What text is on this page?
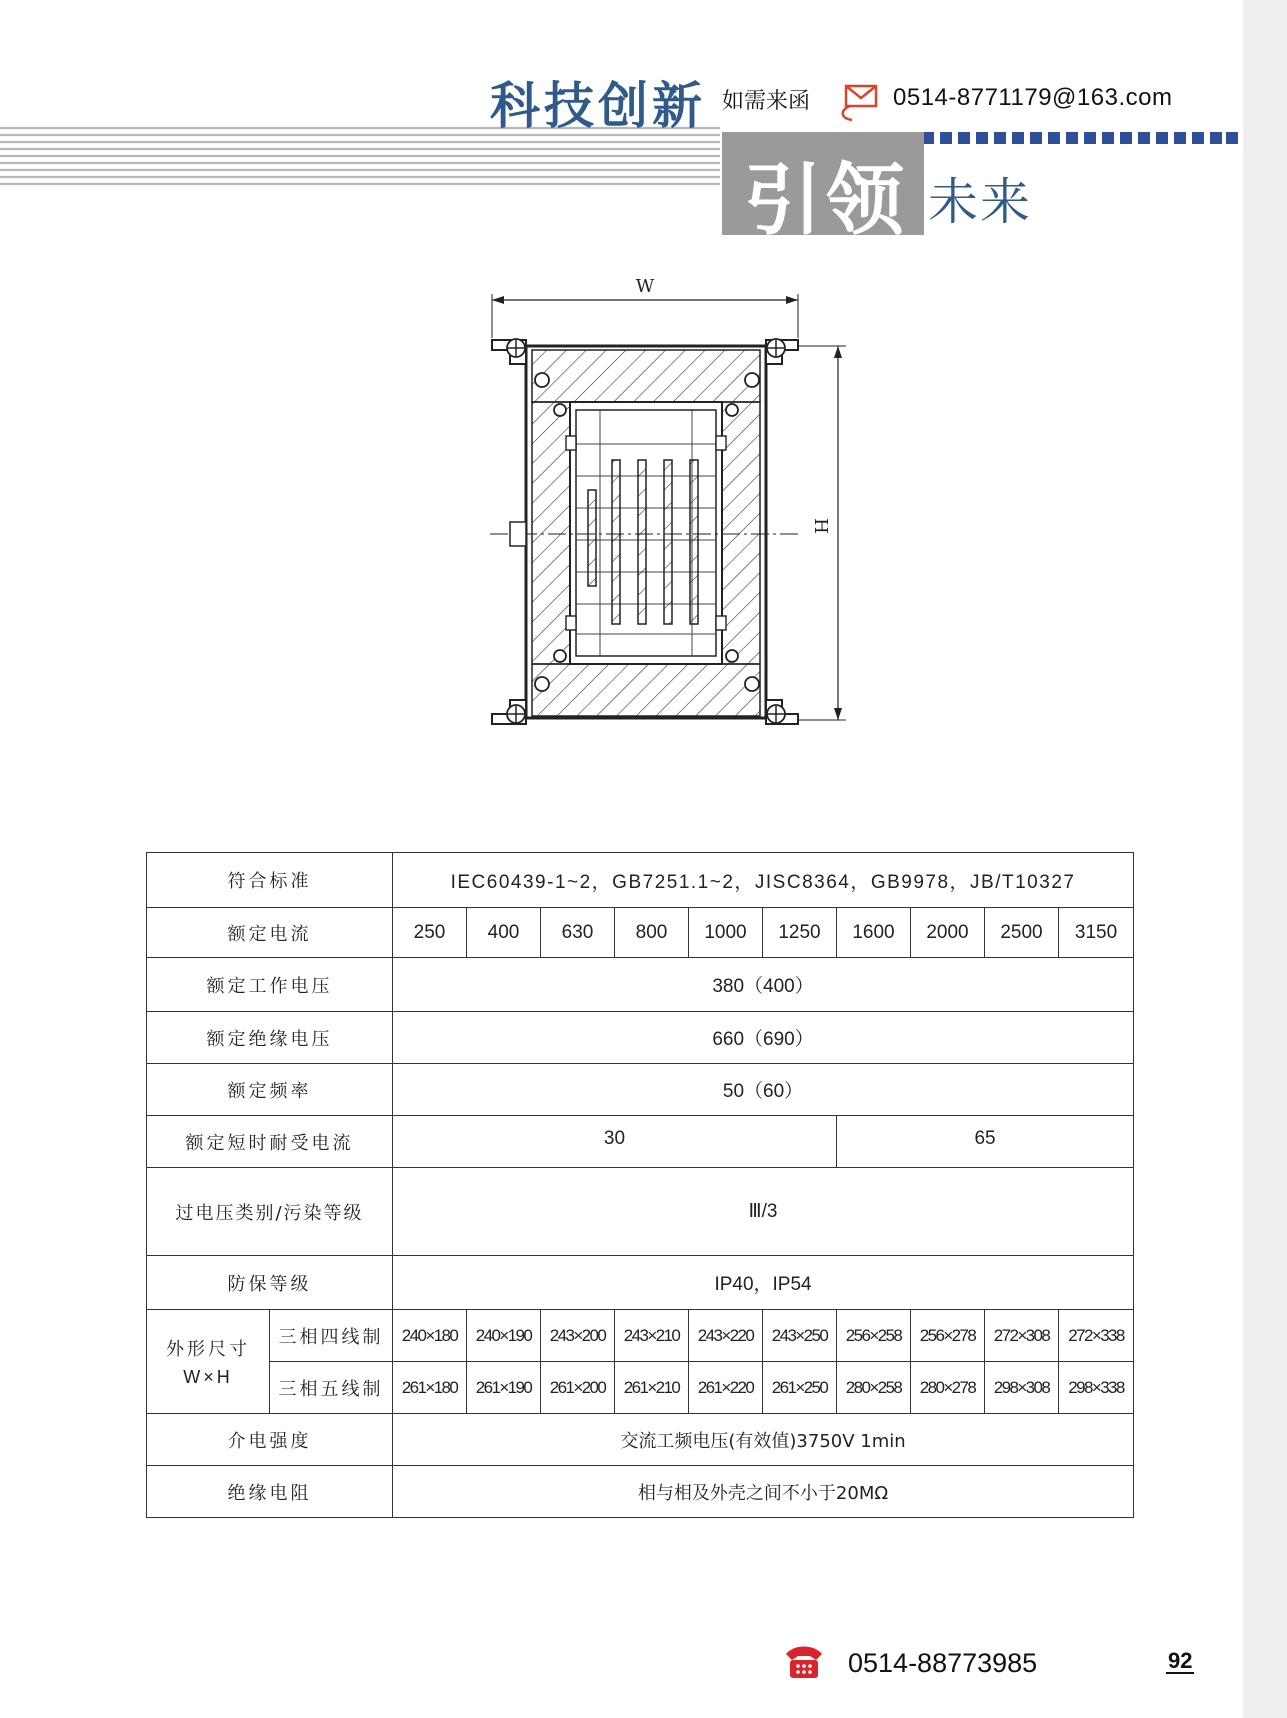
科技创新 如需来函	0514-8771179@163.com
引领 未来
W
H
符合标准		IEC60439-1~2，GB7251.1~2，JISC8364，GB9978，JB/T10327									
额定电流		250	400	630	800	1000	1250	1600	2000	2500	3150
额定工作电压		380（400）									
额定绝缘电压		660（690）									
额定频率		50（60）									
额定短时耐受电流		30						65			
过电压类别/污染等级		Ⅲ/3									
防保等级		IP40，IP54									

外形尺寸
W×H	三相四线制	240×180	240×190	243×200	243×210	243×220	243×250	256×258	256×278	272×308	272×338
	三相五线制	261×180	261×190	261×200	261×210	261×220	261×250	280×258	280×278	298×308	298×338
介电强度		交流工频电压(有效值)3750V 1min									
绝缘电阻		相与相及外壳之间不小于20MΩ									
0514-88773985	92
